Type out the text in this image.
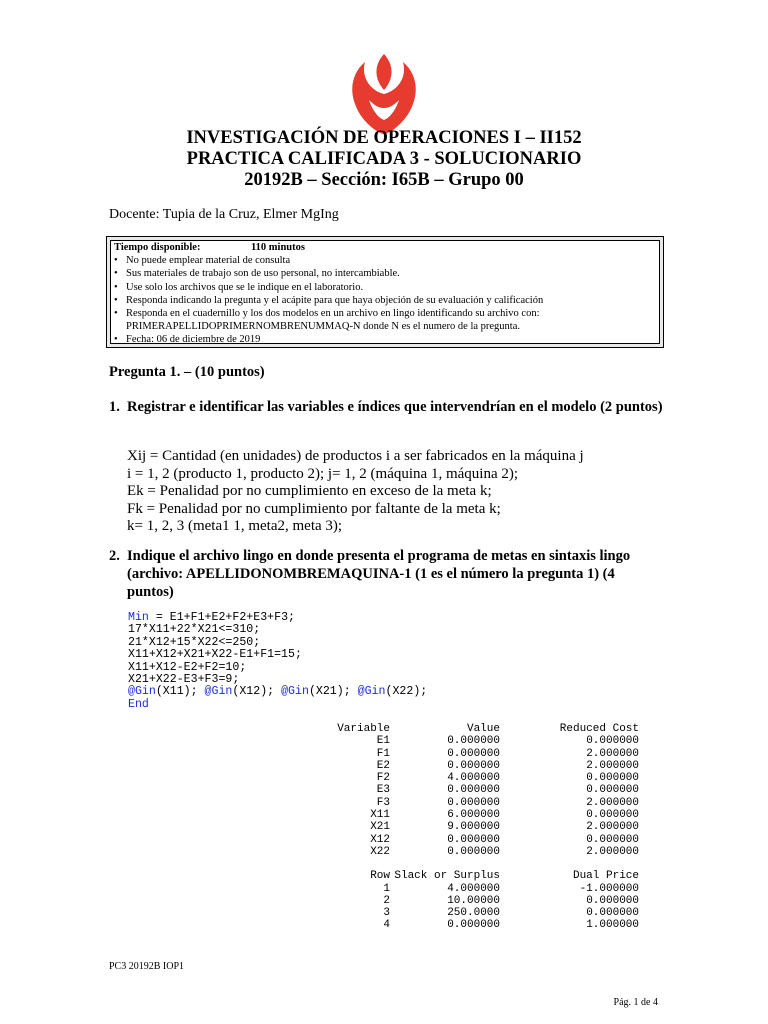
INVESTIGACIÓN DE OPERACIONES I – II152
PRACTICA CALIFICADA 3 - SOLUCIONARIO
20192B – Sección: I65B – Grupo 00
Docente: Tupia de la Cruz, Elmer MgIng
Tiempo disponible:	110 minutos
• No puede emplear material de consulta
• Sus materiales de trabajo son de uso personal, no intercambiable.
• Use solo los archivos que se le indique en el laboratorio.
• Responda indicando la pregunta y el acápite para que haya objeción de su evaluación y calificación
• Responda en el cuadernillo y los dos modelos en un archivo en lingo identificando su archivo con:
PRIMERAPELLIDOPRIMERNOMBRENUMMAQ-N donde N es el numero de la pregunta.
• Fecha: 06 de diciembre de 2019
Pregunta 1. – (10 puntos)
1. Registrar e identificar las variables e índices que intervendrían en el modelo (2 puntos)
Xij = Cantidad (en unidades) de productos i a ser fabricados en la máquina j
i = 1, 2 (producto 1, producto 2); j= 1, 2 (máquina 1, máquina 2);
Ek = Penalidad por no cumplimiento en exceso de la meta k;
Fk = Penalidad por no cumplimiento por faltante de la meta k;
k= 1, 2, 3 (meta1 1, meta2, meta 3);
2. Indique el archivo lingo en donde presenta el programa de metas en sintaxis lingo (archivo: APELLIDONOMBREMAQUINA-1 (1 es el número la pregunta 1) (4 puntos)
Min = E1+F1+E2+F2+E3+F3;
17*X11+22*X21<=310;
21*X12+15*X22<=250;
X11+X12+X21+X22-E1+F1=15;
X11+X12-E2+F2=10;
X21+X22-E3+F3=9;
@Gin(X11); @Gin(X12); @Gin(X21); @Gin(X22);
End
Variable	Value	Reduced Cost
E1	0.000000	0.000000
F1	0.000000	2.000000
E2	0.000000	2.000000
F2	4.000000	0.000000
E3	0.000000	0.000000
F3	0.000000	2.000000
X11	6.000000	0.000000
X21	9.000000	2.000000
X12	0.000000	0.000000
X22	0.000000	2.000000
Row Slack or Surplus	Dual Price
1	4.000000	-1.000000
2	10.00000	0.000000
3	250.0000	0.000000
4	0.000000	1.000000
PC3 20192B IOP1
Pág. 1 de 4
